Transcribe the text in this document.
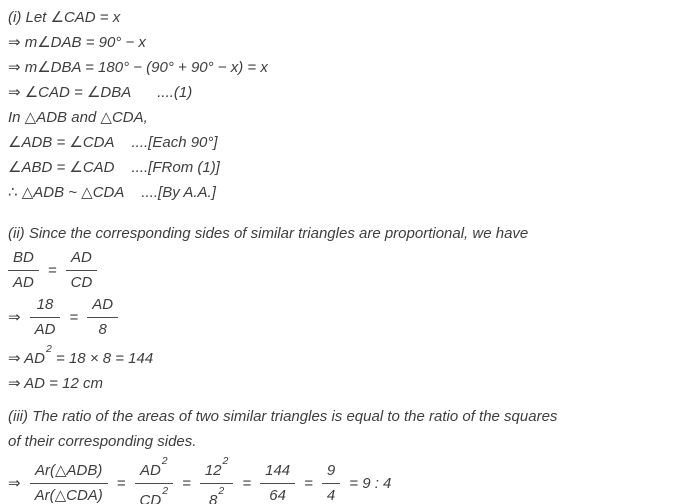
(i) Let ∠CAD = x
⇒ m∠DAB = 90° − x
⇒ m∠DBA = 180° − (90° + 90° − x) = x
⇒ ∠CAD = ∠DBA ....(1)
In △ADB and △CDA,
∠ADB = ∠CDA ....[Each 90°]
∠ABD = ∠CAD ....[FRom (1)]
∴ △ADB ~ △CDA ....[By A.A.]
(ii) Since the corresponding sides of similar triangles are proportional, we have
$\frac{BD}{AD} = \frac{AD}{CD}$
⇒ $\frac{18}{AD} = \frac{AD}{8}$
⇒ $AD^2 = 18 \times 8 = 144$
⇒ AD = 12 cm
(iii) The ratio of the areas of two similar triangles is equal to the ratio of the squares
of their corresponding sides.
⇒ $\frac{\text{Ar(△ADB)}}{\text{Ar(△CDA)}} = \frac{AD^2}{CD^2} = \frac{12^2}{8^2} = \frac{144}{64} = \frac{9}{4} = 9$ : 4
